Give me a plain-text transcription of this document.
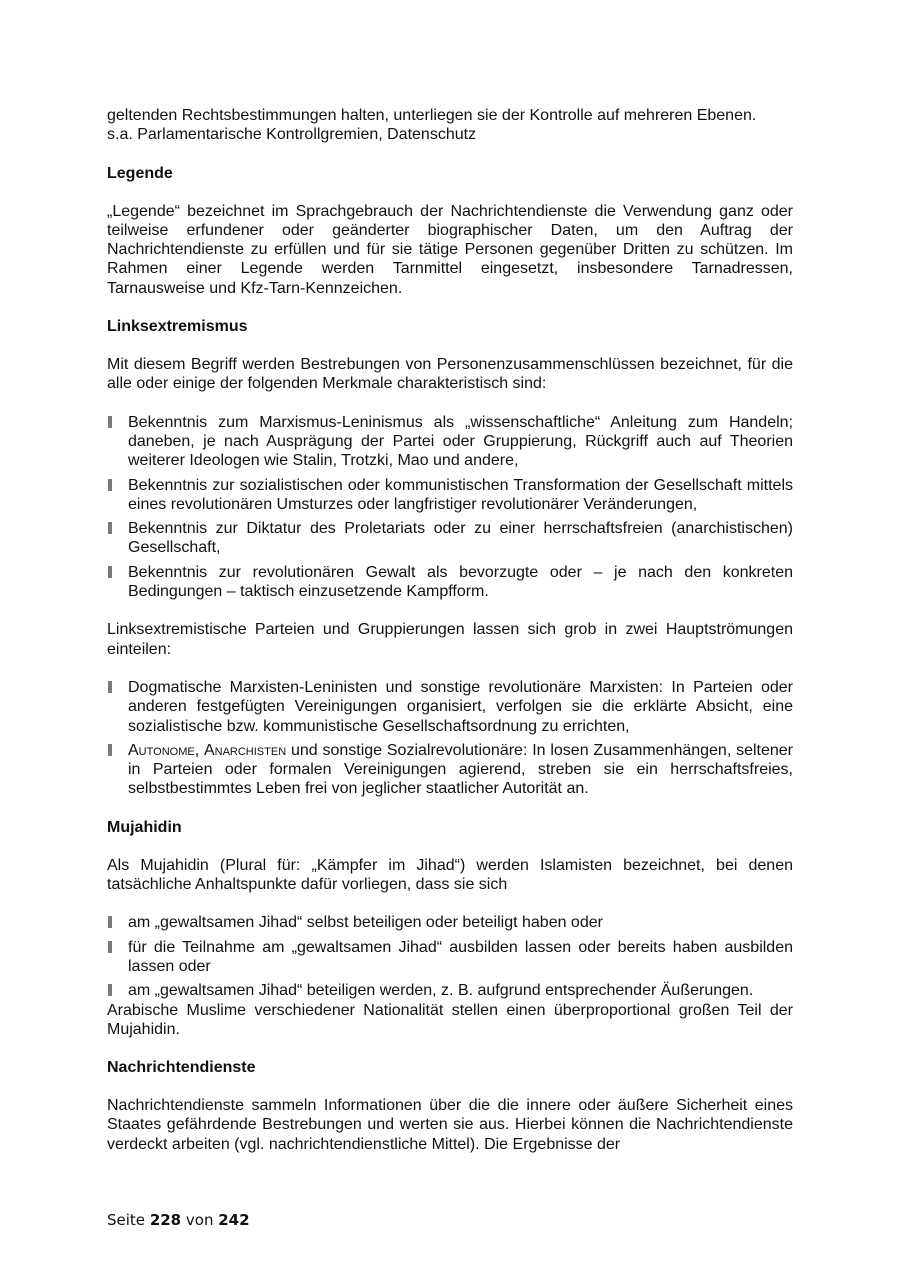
geltenden Rechtsbestimmungen halten, unterliegen sie der Kontrolle auf mehreren Ebenen.

s.a. Parlamentarische Kontrollgremien, Datenschutz

Legende

„Legende“ bezeichnet im Sprachgebrauch der Nachrichtendienste die Verwendung ganz oder teilweise erfundener oder geänderter biographischer Daten, um den Auftrag der Nachrichtendienste zu erfüllen und für sie tätige Personen gegenüber Dritten zu schützen. Im Rahmen einer Legende werden Tarnmittel eingesetzt, insbesondere Tarnadressen, Tarnausweise und Kfz-Tarn-Kennzeichen.

Linksextremismus

Mit diesem Begriff werden Bestrebungen von Personenzusammenschlüssen bezeichnet, für die alle oder einige der folgenden Merkmale charakteristisch sind:

Bekenntnis zum Marxismus-Leninismus als „wissenschaftliche“ Anleitung zum Handeln; daneben, je nach Ausprägung der Partei oder Gruppierung, Rückgriff auch auf Theorien weiterer Ideologen wie Stalin, Trotzki, Mao und andere,
Bekenntnis zur sozialistischen oder kommunistischen Transformation der Gesellschaft mittels eines revolutionären Umsturzes oder langfristiger revolutionärer Veränderungen,
Bekenntnis zur Diktatur des Proletariats oder zu einer herrschaftsfreien (anarchistischen) Gesellschaft,
Bekenntnis zur revolutionären Gewalt als bevorzugte oder – je nach den konkreten Bedingungen – taktisch einzusetzende Kampfform.

Linksextremistische Parteien und Gruppierungen lassen sich grob in zwei Hauptströmungen einteilen:

Dogmatische Marxisten-Leninisten und sonstige revolutionäre Marxisten: In Parteien oder anderen festgefügten Vereinigungen organisiert, verfolgen sie die erklärte Absicht, eine sozialistische bzw. kommunistische Gesellschaftsordnung zu errichten,
Autonome, Anarchisten und sonstige Sozialrevolutionäre: In losen Zusammenhängen, seltener in Parteien oder formalen Vereinigungen agierend, streben sie ein herrschaftsfreies, selbstbestimmtes Leben frei von jeglicher staatlicher Autorität an.
Mujahidin

Als Mujahidin (Plural für: „Kämpfer im Jihad“) werden Islamisten bezeichnet, bei denen tatsächliche Anhaltspunkte dafür vorliegen, dass sie sich

am „gewaltsamen Jihad“ selbst beteiligen oder beteiligt haben oder
für die Teilnahme am „gewaltsamen Jihad“ ausbilden lassen oder bereits haben ausbilden lassen oder
am „gewaltsamen Jihad“ beteiligen werden, z. B. aufgrund entsprechender Äußerungen.

Arabische Muslime verschiedener Nationalität stellen einen überproportional großen Teil der Mujahidin.

Nachrichtendienste

Nachrichtendienste sammeln Informationen über die die innere oder äußere Sicherheit eines Staates gefährdende Bestrebungen und werten sie aus. Hierbei können die Nachrichtendienste verdeckt arbeiten (vgl. nachrichtendienstliche Mittel). Die Ergebnisse der

Seite 228 von 242
